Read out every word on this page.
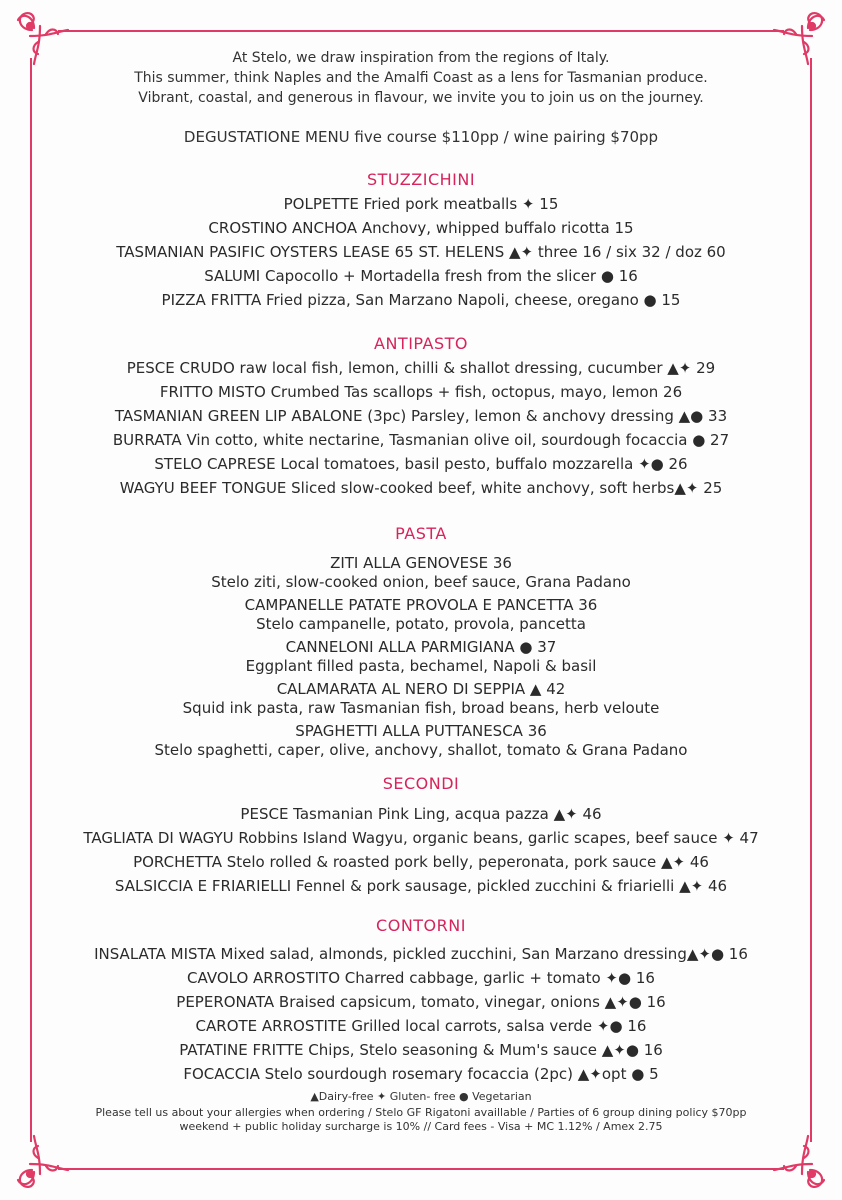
At Stelo, we draw inspiration from the regions of Italy.
This summer, think Naples and the Amalfi Coast as a lens for Tasmanian produce.
Vibrant, coastal, and generous in flavour, we invite you to join us on the journey.
DEGUSTATIONE MENU five course $110pp / wine pairing $70pp
STUZZICHINI
POLPETTE Fried pork meatballs ✦ 15
CROSTINO ANCHOA Anchovy, whipped buffalo ricotta 15
TASMANIAN PASIFIC OYSTERS LEASE 65 ST. HELENS ▲✦ three 16 / six 32 / doz 60
SALUMI Capocollo + Mortadella fresh from the slicer ● 16
PIZZA FRITTA Fried pizza, San Marzano Napoli, cheese, oregano ● 15
ANTIPASTO
PESCE CRUDO raw local fish, lemon, chilli & shallot dressing, cucumber ▲✦ 29
FRITTO MISTO Crumbed Tas scallops + fish, octopus, mayo, lemon 26
TASMANIAN GREEN LIP ABALONE (3pc) Parsley, lemon & anchovy dressing ▲● 33
BURRATA Vin cotto, white nectarine, Tasmanian olive oil, sourdough focaccia ● 27
STELO CAPRESE Local tomatoes, basil pesto, buffalo mozzarella ✦● 26
WAGYU BEEF TONGUE Sliced slow-cooked beef, white anchovy, soft herbs▲✦ 25
PASTA
ZITI ALLA GENOVESE 36
Stelo ziti, slow-cooked onion, beef sauce, Grana Padano
CAMPANELLE PATATE PROVOLA E PANCETTA 36
Stelo campanelle, potato, provola, pancetta
CANNELONI ALLA PARMIGIANA ● 37
Eggplant filled pasta, bechamel, Napoli & basil
CALAMARATA AL NERO DI SEPPIA ▲ 42
Squid ink pasta, raw Tasmanian fish, broad beans, herb veloute
SPAGHETTI ALLA PUTTANESCA 36
Stelo spaghetti, caper, olive, anchovy, shallot, tomato & Grana Padano
SECONDI
PESCE Tasmanian Pink Ling, acqua pazza ▲✦ 46
TAGLIATA DI WAGYU Robbins Island Wagyu, organic beans, garlic scapes, beef sauce ✦ 47
PORCHETTA Stelo rolled & roasted pork belly, peperonata, pork sauce ▲✦ 46
SALSICCIA E FRIARIELLI Fennel & pork sausage, pickled zucchini & friarielli ▲✦ 46
CONTORNI
INSALATA MISTA Mixed salad, almonds, pickled zucchini, San Marzano dressing▲✦● 16
CAVOLO ARROSTITO Charred cabbage, garlic + tomato ✦● 16
PEPERONATA Braised capsicum, tomato, vinegar, onions ▲✦● 16
CAROTE ARROSTITE Grilled local carrots, salsa verde ✦● 16
PATATINE FRITTE Chips, Stelo seasoning & Mum's sauce ▲✦● 16
FOCACCIA Stelo sourdough rosemary focaccia (2pc) ▲✦opt ● 5
▲Dairy-free ✦ Gluten- free ● Vegetarian
Please tell us about your allergies when ordering / Stelo GF Rigatoni availlable / Parties of 6 group dining policy $70pp
weekend + public holiday surcharge is 10% // Card fees - Visa + MC 1.12% / Amex 2.75
